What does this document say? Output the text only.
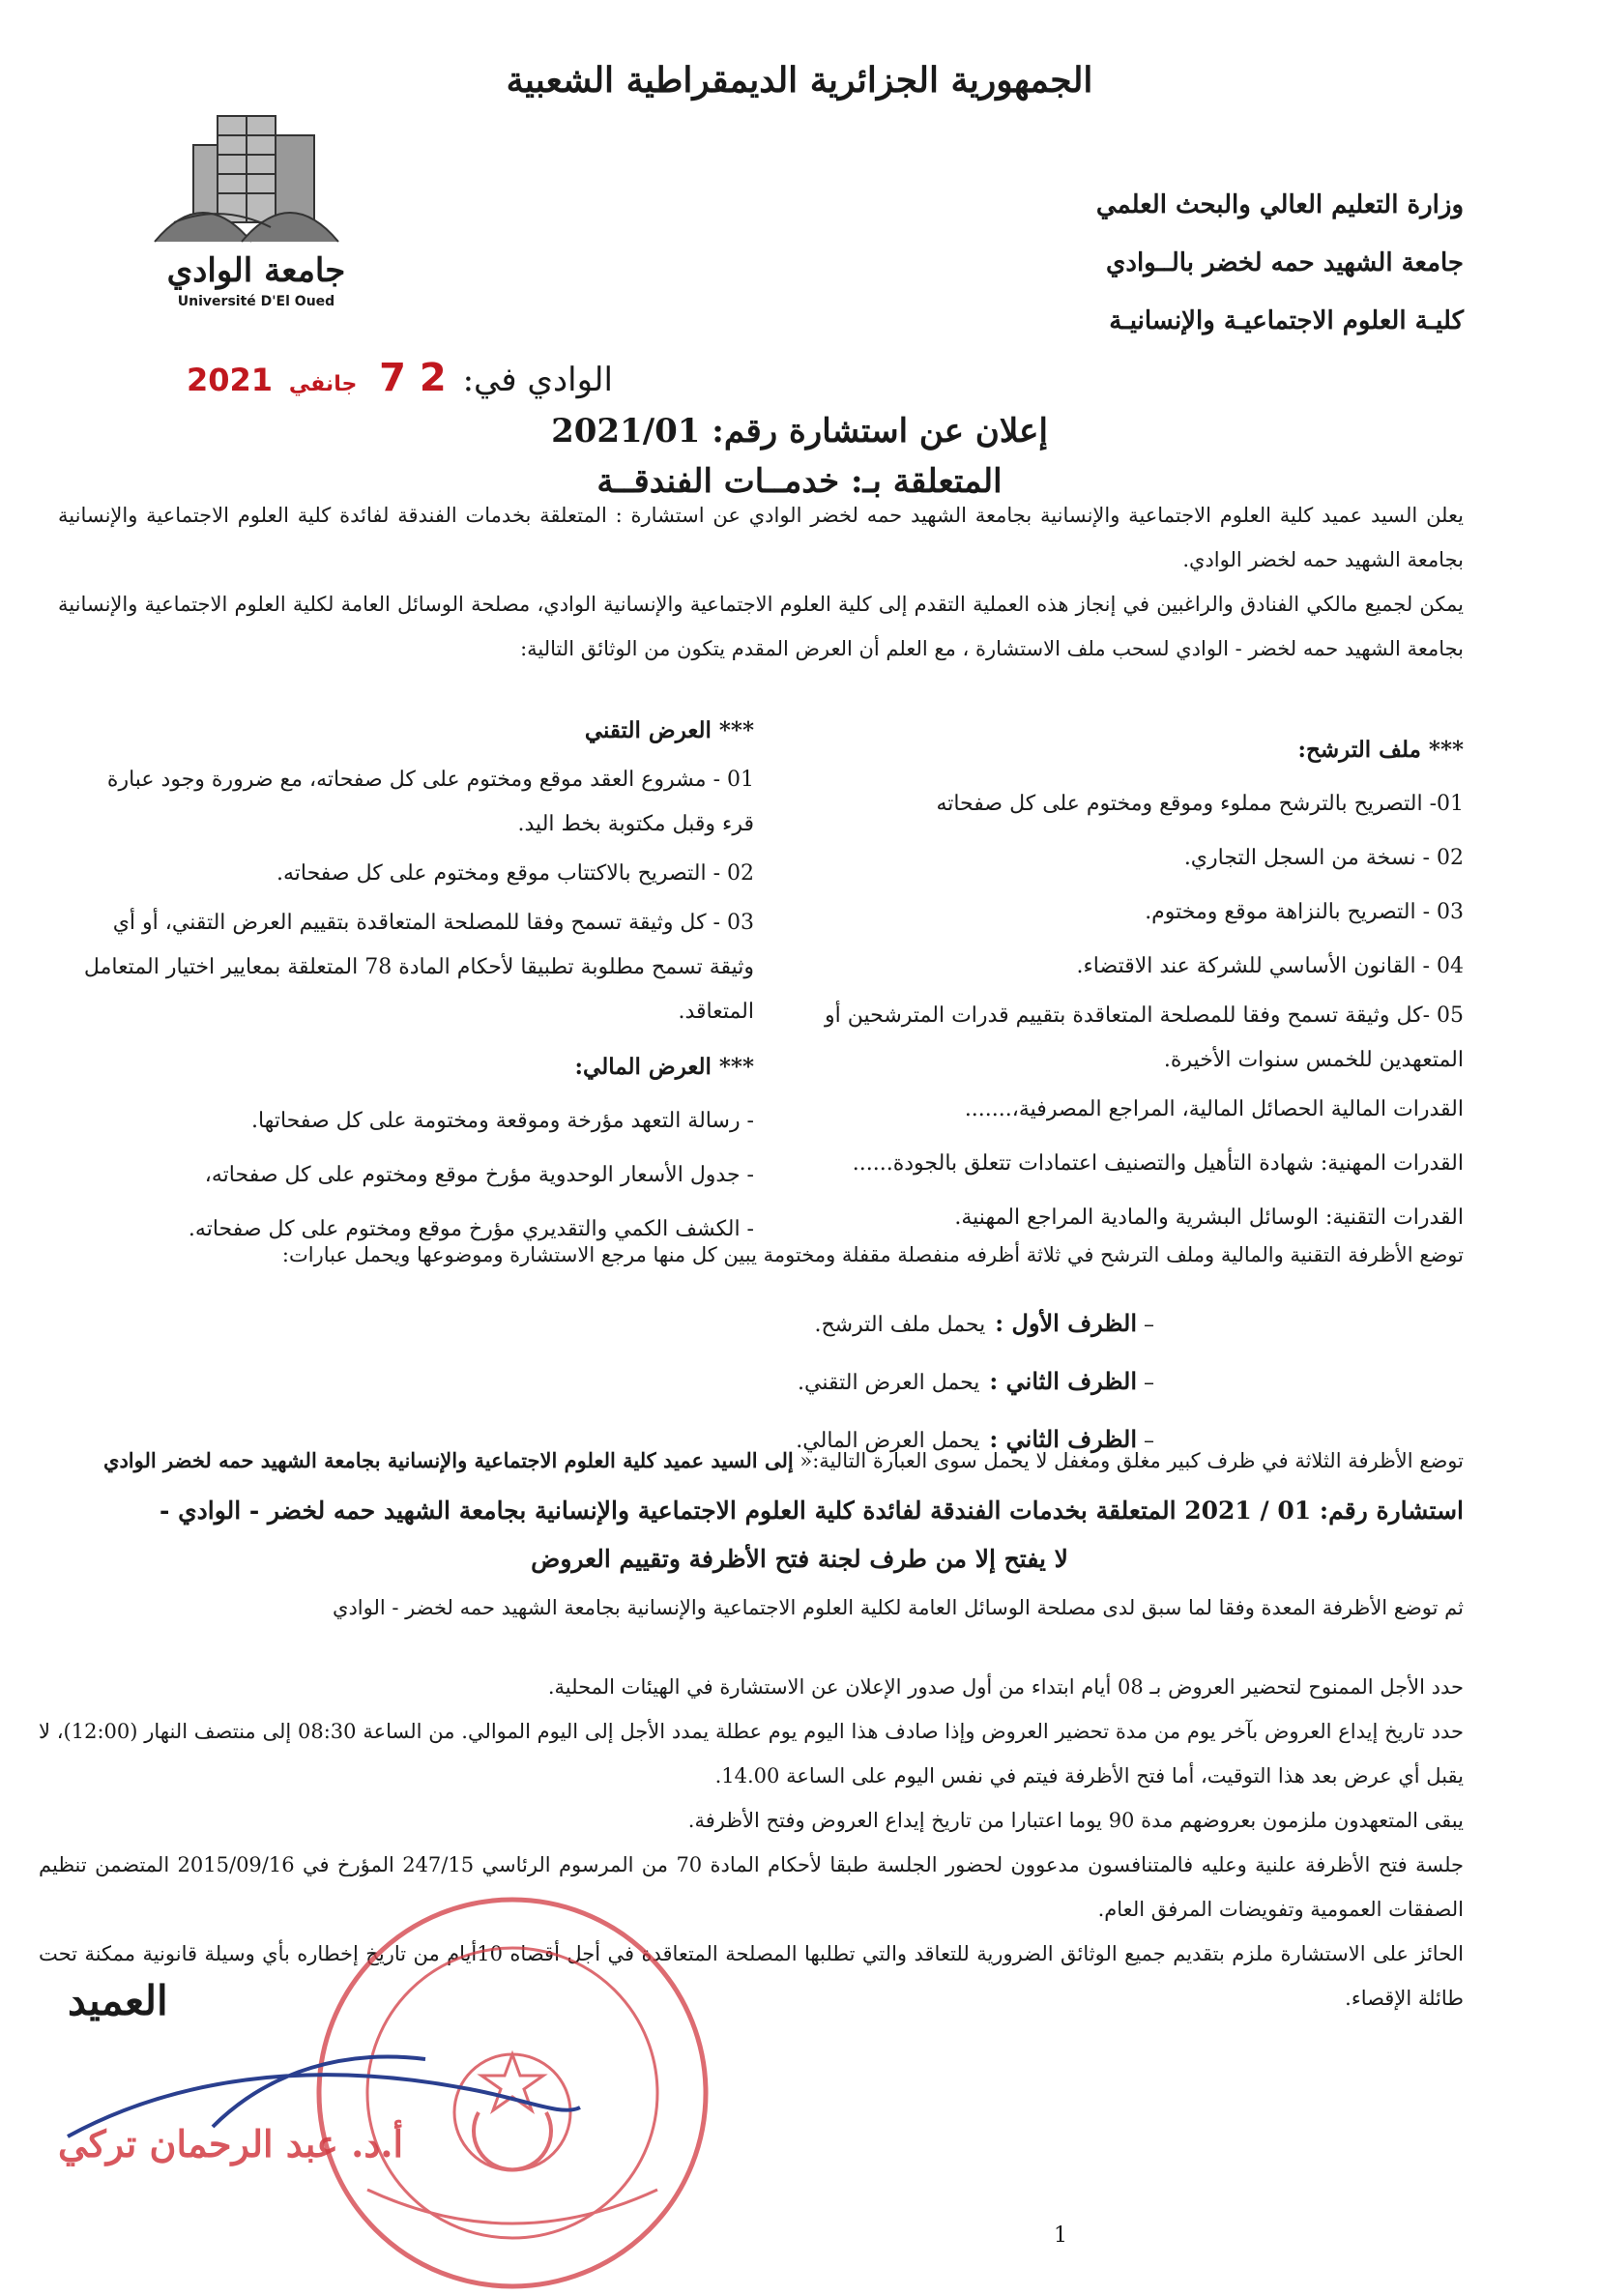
الجمهورية الجزائرية الديمقراطية الشعبية
جامعة الوادي
Université D'El Oued
وزارة التعليم العالي والبحث العلمي
جامعة الشهيد حمه لخضر بالــوادي
كليـة العلوم الاجتماعيـة والإنسانيـة
الوادي في: 2 7 جانفي 2021
إعلان عن استشارة رقم: 2021/01
المتعلقة بـ: خدمــات الفندقــة
يعلن السيد عميد كلية العلوم الاجتماعية والإنسانية بجامعة الشهيد حمه لخضر الوادي عن استشارة : المتعلقة بخدمات الفندقة لفائدة كلية العلوم الاجتماعية والإنسانية بجامعة الشهيد حمه لخضر الوادي.
يمكن لجميع مالكي الفنادق والراغبين في إنجاز هذه العملية التقدم إلى كلية العلوم الاجتماعية والإنسانية الوادي، مصلحة الوسائل العامة لكلية العلوم الاجتماعية والإنسانية بجامعة الشهيد حمه لخضر - الوادي لسحب ملف الاستشارة ، مع العلم أن العرض المقدم يتكون من الوثائق التالية:
*** ملف الترشح:

01- التصريح بالترشح مملوء وموقع ومختوم على كل صفحاته

02 - نسخة من السجل التجاري.

03 - التصريح بالنزاهة موقع ومختوم.

04 - القانون الأساسي للشركة عند الاقتضاء.

05 -كل وثيقة تسمح وفقا للمصلحة المتعاقدة بتقييم قدرات المترشحين أو المتعهدين للخمس سنوات الأخيرة.

القدرات المالية الحصائل المالية، المراجع المصرفية،.......

القدرات المهنية: شهادة التأهيل والتصنيف اعتمادات تتعلق بالجودة......

القدرات التقنية: الوسائل البشرية والمادية المراجع المهنية.

*** العرض التقني

01 - مشروع العقد موقع ومختوم على كل صفحاته، مع ضرورة وجود عبارة قرء وقبل مكتوبة بخط اليد.

02 - التصريح بالاكتتاب موقع ومختوم على كل صفحاته.

03 - كل وثيقة تسمح وفقا للمصلحة المتعاقدة بتقييم العرض التقني، أو أي وثيقة تسمح مطلوبة تطبيقا لأحكام المادة 78 المتعلقة بمعايير اختيار المتعامل المتعاقد.

*** العرض المالي:

- رسالة التعهد مؤرخة وموقعة ومختومة على كل صفحاتها.

- جدول الأسعار الوحدوية مؤرخ موقع ومختوم على كل صفحاته،

- الكشف الكمي والتقديري مؤرخ موقع ومختوم على كل صفحاته.

توضع الأظرفة التقنية والمالية وملف الترشح في ثلاثة أظرفه منفصلة مقفلة ومختومة يبين كل منها مرجع الاستشارة وموضوعها ويحمل عبارات:
– الظرف الأول :يحمل ملف الترشح.
– الظرف الثاني :يحمل العرض التقني.
– الظرف الثاني :يحمل العرض المالي.
توضع الأظرفة الثلاثة في ظرف كبير مغلق ومغفل لا يحمل سوى العبارة التالية:« إلى السيد عميد كلية العلوم الاجتماعية والإنسانية بجامعة الشهيد حمه لخضر الوادي
استشارة رقم: 01 / 2021 المتعلقة بخدمات الفندقة لفائدة كلية العلوم الاجتماعية والإنسانية بجامعة الشهيد حمه لخضر - الوادي -
لا يفتح إلا من طرف لجنة فتح الأظرفة وتقييم العروض
ثم توضع الأظرفة المعدة وفقا لما سبق لدى مصلحة الوسائل العامة لكلية العلوم الاجتماعية والإنسانية بجامعة الشهيد حمه لخضر - الوادي
حدد الأجل الممنوح لتحضير العروض بـ 08 أيام ابتداء من أول صدور الإعلان عن الاستشارة في الهيئات المحلية.
حدد تاريخ إيداع العروض بآخر يوم من مدة تحضير العروض وإذا صادف هذا اليوم يوم عطلة يمدد الأجل إلى اليوم الموالي. من الساعة 08:30 إلى منتصف النهار (12:00)، لا يقبل أي عرض بعد هذا التوقيت، أما فتح الأظرفة فيتم في نفس اليوم على الساعة 14.00.
يبقى المتعهدون ملزمون بعروضهم مدة 90 يوما اعتبارا من تاريخ إيداع العروض وفتح الأظرفة.
جلسة فتح الأظرفة علنية وعليه فالمتنافسون مدعوون لحضور الجلسة طبقا لأحكام المادة 70 من المرسوم الرئاسي 247/15 المؤرخ في 2015/09/16 المتضمن تنظيم الصفقات العمومية وتفويضات المرفق العام.
الحائز على الاستشارة ملزم بتقديم جميع الوثائق الضرورية للتعاقد والتي تطلبها المصلحة المتعاقدة في أجل أقصاه 10أيام من تاريخ إخطاره بأي وسيلة قانونية ممكنة تحت طائلة الإقصاء.
العميد
أ.د. عبد الرحمان تركي
1
